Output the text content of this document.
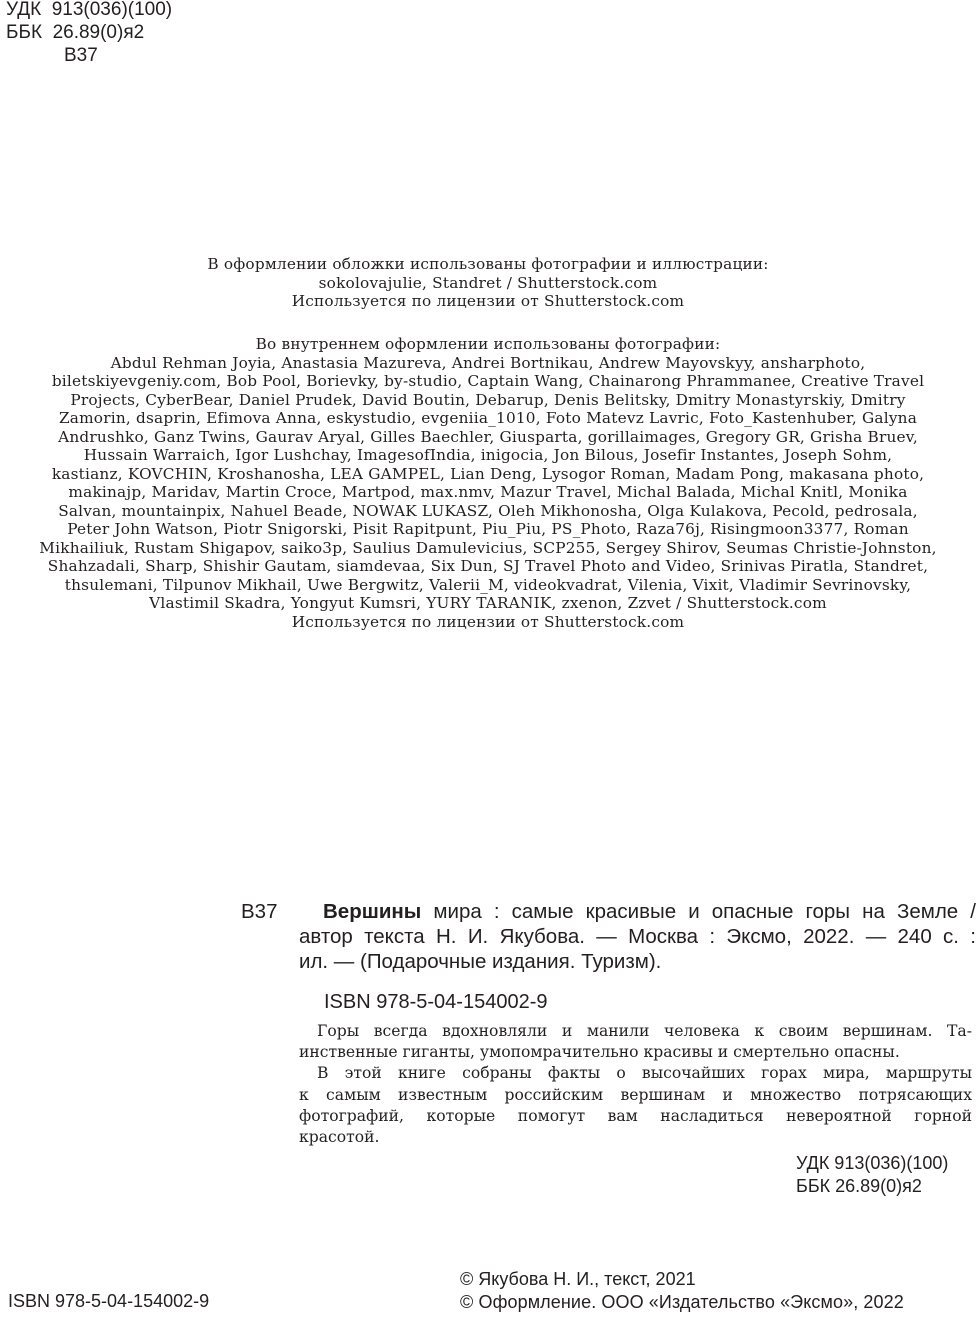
УДК  913(036)(100)
ББК  26.89(0)я2
В37
В оформлении обложки использованы фотографии и иллюстрации:
sokolovajulie, Standret / Shutterstock.com
Используется по лицензии от Shutterstock.com
Во внутреннем оформлении использованы фотографии:
Abdul Rehman Joyia, Anastasia Mazureva, Andrei Bortnikau, Andrew Mayovskyy, ansharphoto,
biletskiyevgeniy.com, Bob Pool, Borievky, by-studio, Captain Wang, Chainarong Phrammanee, Creative Travel
Projects, CyberBear, Daniel Prudek, David Boutin, Debarup, Denis Belitsky, Dmitry Monastyrskiy, Dmitry
Zamorin, dsaprin, Efimova Anna, eskystudio, evgeniia_1010, Foto Matevz Lavric, Foto_Kastenhuber, Galyna
Andrushko, Ganz Twins, Gaurav Aryal, Gilles Baechler, Giusparta, gorillaimages, Gregory GR, Grisha Bruev,
Hussain Warraich, Igor Lushchay, ImagesofIndia, inigocia, Jon Bilous, Josefir Instantes, Joseph Sohm,
kastianz, KOVCHIN, Kroshanosha, LEA GAMPEL, Lian Deng, Lysogor Roman, Madam Pong, makasana photo,
makinajp, Maridav, Martin Croce, Martpod, max.nmv, Mazur Travel, Michal Balada, Michal Knitl, Monika
Salvan, mountainpix, Nahuel Beade, NOWAK LUKASZ, Oleh Mikhonosha, Olga Kulakova, Pecold, pedrosala,
Peter John Watson, Piotr Snigorski, Pisit Rapitpunt, Piu_Piu, PS_Photo, Raza76j, Risingmoon3377, Roman
Mikhailiuk, Rustam Shigapov, saiko3p, Saulius Damulevicius, SCP255, Sergey Shirov, Seumas Christie-Johnston,
Shahzadali, Sharp, Shishir Gautam, siamdevaa, Six Dun, SJ Travel Photo and Video, Srinivas Piratla, Standret,
thsulemani, Tilpunov Mikhail, Uwe Bergwitz, Valerii_M, videokvadrat, Vilenia, Vixit, Vladimir Sevrinovsky,
Vlastimil Skadra, Yongyut Kumsri, YURY TARANIK, zxenon, Zzvet / Shutterstock.com
Используется по лицензии от Shutterstock.com
В37 Вершины мира : самые красивые и опасные горы на Земле /
автор текста Н. И. Якубова. — Москва : Эксмо, 2022. — 240 с. :
ил. — (Подарочные издания. Туризм).
ISBN 978-5-04-154002-9
Горы всегда вдохновляли и манили человека к своим вершинам. Та-
инственные гиганты, умопомрачительно красивы и смертельно опасны.
В этой книге собраны факты о высочайших горах мира, маршруты
к самым известным российским вершинам и множество потрясающих
фотографий, которые помогут вам насладиться невероятной горной
красотой.
УДК 913(036)(100)
ББК 26.89(0)я2
© Якубова Н. И., текст, 2021
© Оформление. ООО «Издательство «Эксмо», 2022
ISBN 978-5-04-154002-9
